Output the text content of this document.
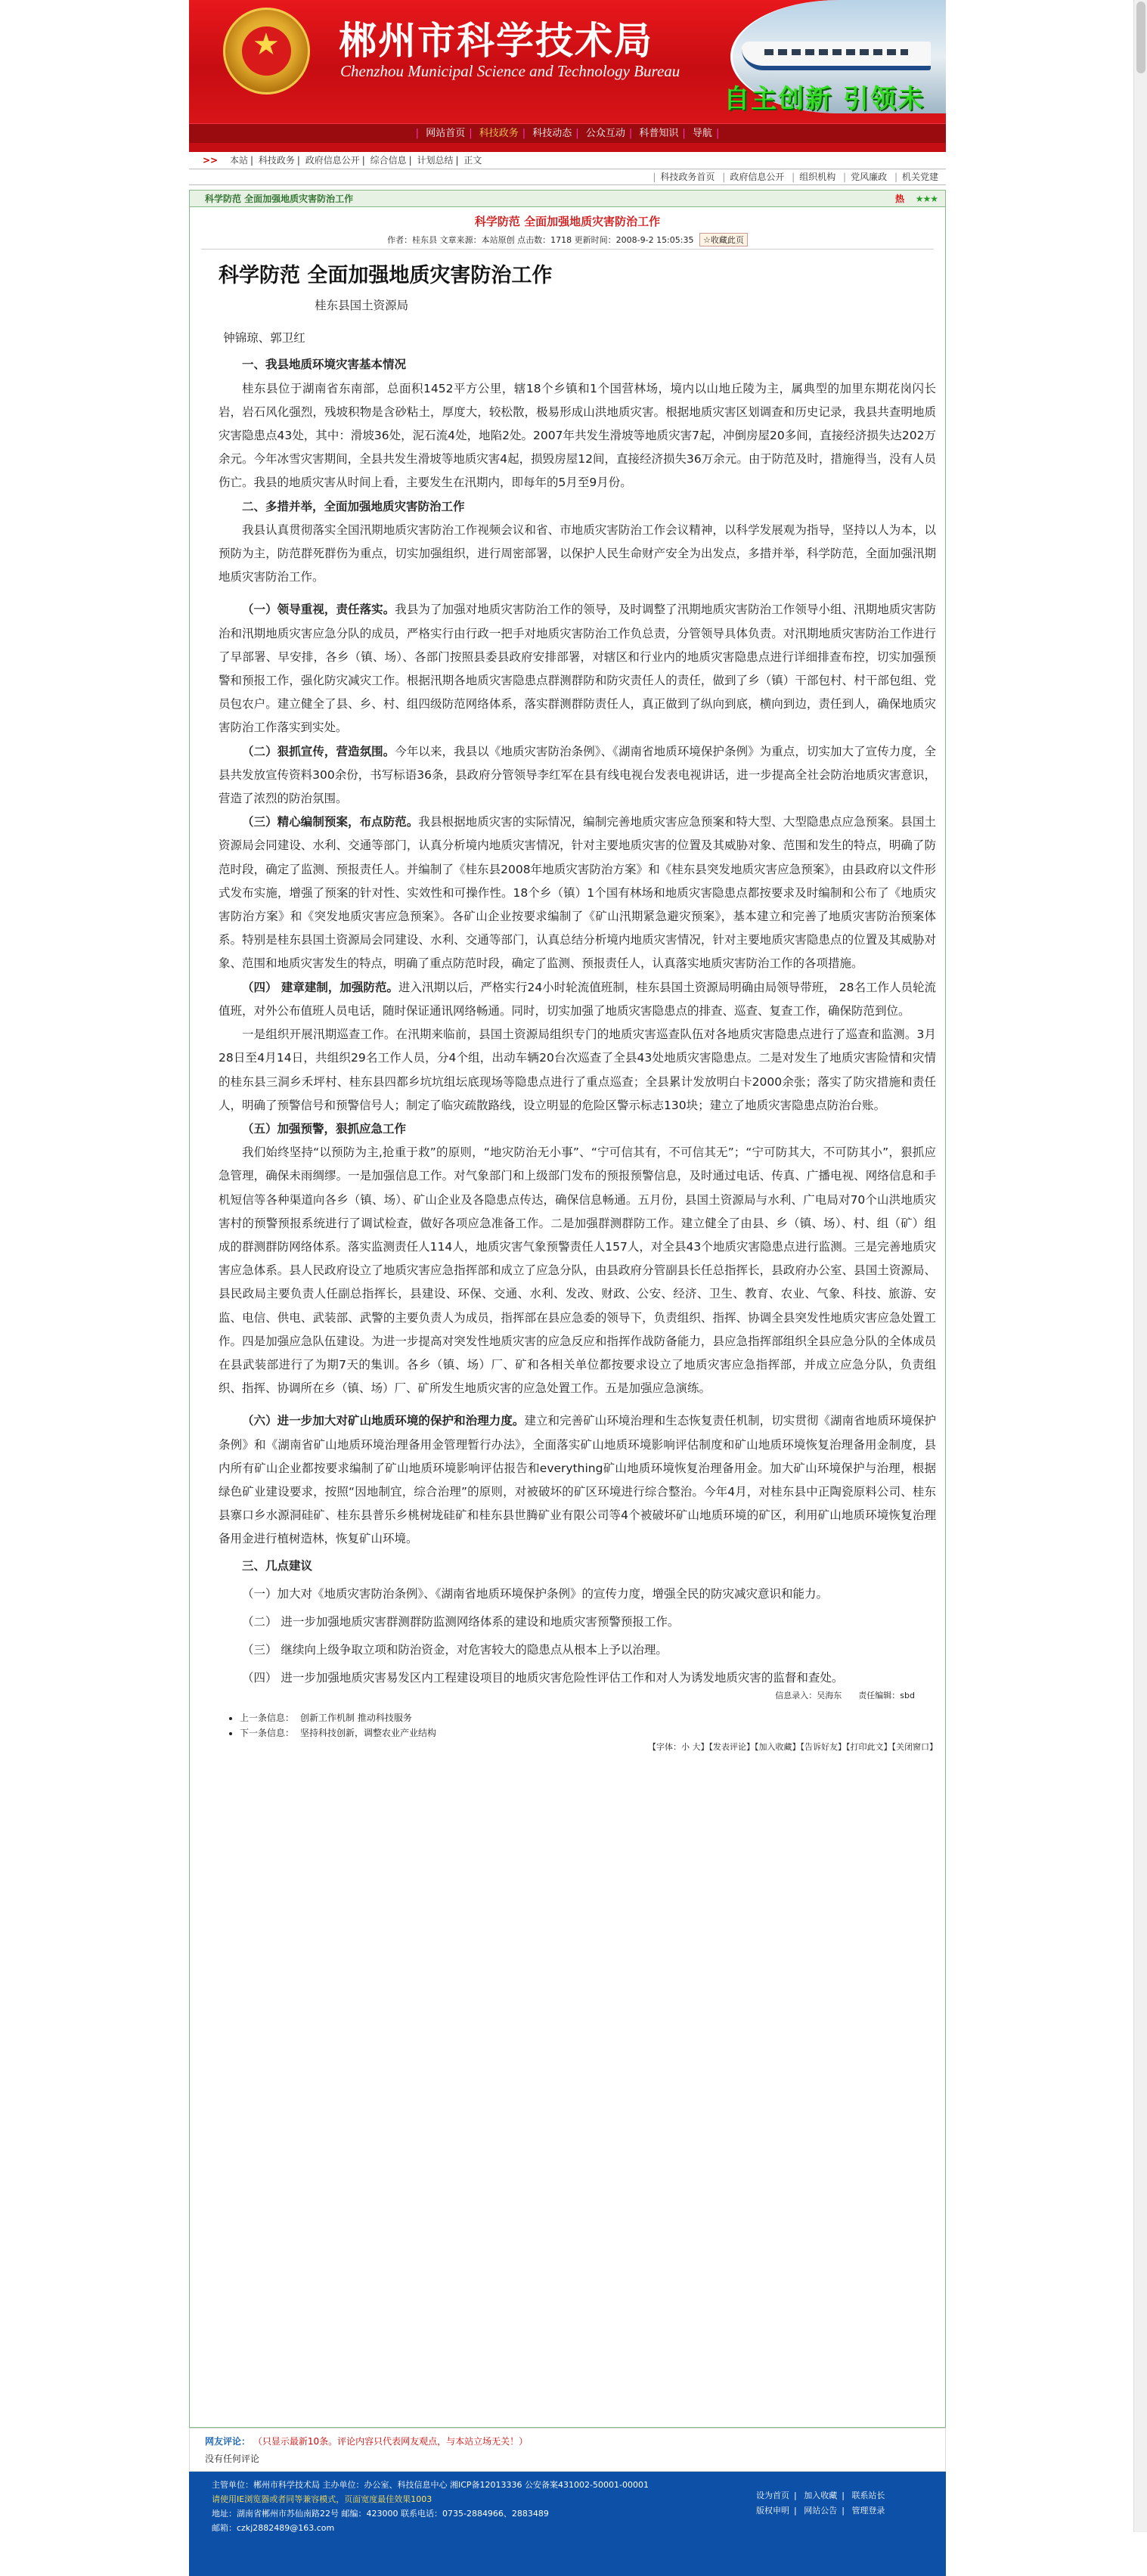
★ 郴州市科学技术局
Chenzhou Municipal Science and Technology Bureau
自主创新 引领未
| 网站首页 | 科技政务 | 科技动态 | 公众互动 | 科普知识 | 导航 |
>> 本站 | 科技政务 | 政府信息公开 | 综合信息 | 计划总结 | 正文
| 科技政务首页 | 政府信息公开 | 组织机构 | 党风廉政 | 机关党建
科学防范 全面加强地质灾害防治工作	热 ★★★
科学防范 全面加强地质灾害防治工作
作者：桂东县 文章来源：本站原创 点击数：1718 更新时间：2008-9-2 15:05:35 ☆收藏此页
科学防范 全面加强地质灾害防治工作
桂东县国土资源局
钟锦琼、郭卫红
一、我县地质环境灾害基本情况
桂东县位于湖南省东南部，总面积1452平方公里，辖18个乡镇和1个国营林场，境内以山地丘陵为主，属典型的加里东期花岗闪长岩，岩石风化强烈，残坡积物是含砂粘土，厚度大，较松散，极易形成山洪地质灾害。根据地质灾害区划调查和历史记录，我县共查明地质灾害隐患点43处，其中：滑坡36处，泥石流4处，地陷2处。2007年共发生滑坡等地质灾害7起，冲倒房屋20多间，直接经济损失达202万余元。今年冰雪灾害期间，全县共发生滑坡等地质灾害4起，损毁房屋12间，直接经济损失36万余元。由于防范及时，措施得当，没有人员伤亡。我县的地质灾害从时间上看，主要发生在汛期内，即每年的5月至9月份。
二、多措并举，全面加强地质灾害防治工作
我县认真贯彻落实全国汛期地质灾害防治工作视频会议和省、市地质灾害防治工作会议精神，以科学发展观为指导，坚持以人为本，以预防为主，防范群死群伤为重点，切实加强组织，进行周密部署，以保护人民生命财产安全为出发点，多措并举，科学防范，全面加强汛期地质灾害防治工作。
（一）领导重视，责任落实。我县为了加强对地质灾害防治工作的领导，及时调整了汛期地质灾害防治工作领导小组、汛期地质灾害防治和汛期地质灾害应急分队的成员，严格实行由行政一把手对地质灾害防治工作负总责，分管领导具体负责。对汛期地质灾害防治工作进行了早部署、早安排，各乡（镇、场）、各部门按照县委县政府安排部署，对辖区和行业内的地质灾害隐患点进行详细排查布控，切实加强预警和预报工作，强化防灾减灾工作。根据汛期各地质灾害隐患点群测群防和防灾责任人的责任，做到了乡（镇）干部包村、村干部包组、党员包农户。建立健全了县、乡、村、组四级防范网络体系，落实群测群防责任人，真正做到了纵向到底，横向到边，责任到人，确保地质灾害防治工作落实到实处。
（二）狠抓宣传，营造氛围。今年以来，我县以《地质灾害防治条例》、《湖南省地质环境保护条例》为重点，切实加大了宣传力度，全县共发放宣传资料300余份，书写标语36条，县政府分管领导李红军在县有线电视台发表电视讲话，进一步提高全社会防治地质灾害意识，营造了浓烈的防治氛围。
（三）精心编制预案，布点防范。我县根据地质灾害的实际情况，编制完善地质灾害应急预案和特大型、大型隐患点应急预案。县国土资源局会同建设、水利、交通等部门，认真分析境内地质灾害情况，针对主要地质灾害的位置及其威胁对象、范围和发生的特点，明确了防范时段，确定了监测、预报责任人。并编制了《桂东县2008年地质灾害防治方案》和《桂东县突发地质灾害应急预案》，由县政府以文件形式发布实施，增强了预案的针对性、实效性和可操作性。18个乡（镇）1个国有林场和地质灾害隐患点都按要求及时编制和公布了《地质灾害防治方案》和《突发地质灾害应急预案》。各矿山企业按要求编制了《矿山汛期紧急避灾预案》，基本建立和完善了地质灾害防治预案体系。特别是桂东县国土资源局会同建设、水利、交通等部门，认真总结分析境内地质灾害情况，针对主要地质灾害隐患点的位置及其威胁对象、范围和地质灾害发生的特点，明确了重点防范时段，确定了监测、预报责任人，认真落实地质灾害防治工作的各项措施。
（四） 建章建制，加强防范。进入汛期以后，严格实行24小时轮流值班制，桂东县国土资源局明确由局领导带班， 28名工作人员轮流值班，对外公布值班人员电话，随时保证通讯网络畅通。同时，切实加强了地质灾害隐患点的排查、巡查、复查工作，确保防范到位。
一是组织开展汛期巡查工作。在汛期来临前，县国土资源局组织专门的地质灾害巡查队伍对各地质灾害隐患点进行了巡查和监测。3月28日至4月14日，共组织29名工作人员，分4个组，出动车辆20台次巡查了全县43处地质灾害隐患点。二是对发生了地质灾害险情和灾情的桂东县三洞乡禾坪村、桂东县四都乡坑坑组坛底现场等隐患点进行了重点巡查；全县累计发放明白卡2000余张；落实了防灾措施和责任人，明确了预警信号和预警信号人；制定了临灾疏散路线，设立明显的危险区警示标志130块；建立了地质灾害隐患点防治台账。
（五）加强预警，狠抓应急工作
我们始终坚持“以预防为主,抢重于救”的原则，“地灾防治无小事”、“宁可信其有，不可信其无”；“宁可防其大，不可防其小”，狠抓应急管理，确保未雨绸缪。一是加强信息工作。对气象部门和上级部门发布的预报预警信息，及时通过电话、传真、广播电视、网络信息和手机短信等各种渠道向各乡（镇、场）、矿山企业及各隐患点传达，确保信息畅通。五月份，县国土资源局与水利、广电局对70个山洪地质灾害村的预警预报系统进行了调试检查，做好各项应急准备工作。二是加强群测群防工作。建立健全了由县、乡（镇、场）、村、组（矿）组成的群测群防网络体系。落实监测责任人114人，地质灾害气象预警责任人157人，对全县43个地质灾害隐患点进行监测。三是完善地质灾害应急体系。县人民政府设立了地质灾害应急指挥部和成立了应急分队，由县政府分管副县长任总指挥长，县政府办公室、县国土资源局、县民政局主要负责人任副总指挥长，县建设、环保、交通、水利、发改、财政、公安、经济、卫生、教育、农业、气象、科技、旅游、安监、电信、供电、武装部、武警的主要负责人为成员，指挥部在县应急委的领导下，负责组织、指挥、协调全县突发性地质灾害应急处置工作。四是加强应急队伍建设。为进一步提高对突发性地质灾害的应急反应和指挥作战防备能力，县应急指挥部组织全县应急分队的全体成员在县武装部进行了为期7天的集训。各乡（镇、场）厂、矿和各相关单位都按要求设立了地质灾害应急指挥部，并成立应急分队，负责组织、指挥、协调所在乡（镇、场）厂、矿所发生地质灾害的应急处置工作。五是加强应急演练。
（六）进一步加大对矿山地质环境的保护和治理力度。建立和完善矿山环境治理和生态恢复责任机制，切实贯彻《湖南省地质环境保护条例》和《湖南省矿山地质环境治理备用金管理暂行办法》，全面落实矿山地质环境影响评估制度和矿山地质环境恢复治理备用金制度，县内所有矿山企业都按要求编制了矿山地质环境影响评估报告和everything矿山地质环境恢复治理备用金。加大矿山环境保护与治理，根据绿色矿业建设要求，按照“因地制宜，综合治理”的原则，对被破坏的矿区环境进行综合整治。今年4月，对桂东县中正陶瓷原料公司、桂东县寨口乡水源洞硅矿、桂东县普乐乡桃树垅硅矿和桂东县世腾矿业有限公司等4个被破坏矿山地质环境的矿区，利用矿山地质环境恢复治理备用金进行植树造林，恢复矿山环境。
三、几点建议
（一）加大对《地质灾害防治条例》、《湖南省地质环境保护条例》的宣传力度，增强全民的防灾减灾意识和能力。
（二） 进一步加强地质灾害群测群防监测网络体系的建设和地质灾害预警预报工作。
（三） 继续向上级争取立项和防治资金，对危害较大的隐患点从根本上予以治理。
（四） 进一步加强地质灾害易发区内工程建设项目的地质灾害危险性评估工作和对人为诱发地质灾害的监督和查处。
信息录入：吴海东　　责任编辑：sbd
• 上一条信息： 创新工作机制 推动科技服务
• 下一条信息： 坚持科技创新，调整农业产业结构
【字体：小 大】【发表评论】【加入收藏】【告诉好友】【打印此文】【关闭窗口】
网友评论： （只显示最新10条。评论内容只代表网友观点，与本站立场无关！）
没有任何评论
主管单位：郴州市科学技术局 主办单位：办公室、科技信息中心 湘ICP备12013336 公安备案431002-50001-00001
请使用IE浏览器或者同等兼容模式，页面宽度最佳效果1003
地址：湖南省郴州市苏仙南路22号 邮编：423000 联系电话：0735-2884966、2883489
邮箱：czkj2882489@163.com
设为首页 | 加入收藏 | 联系站长
版权申明 | 网站公告 | 管理登录
